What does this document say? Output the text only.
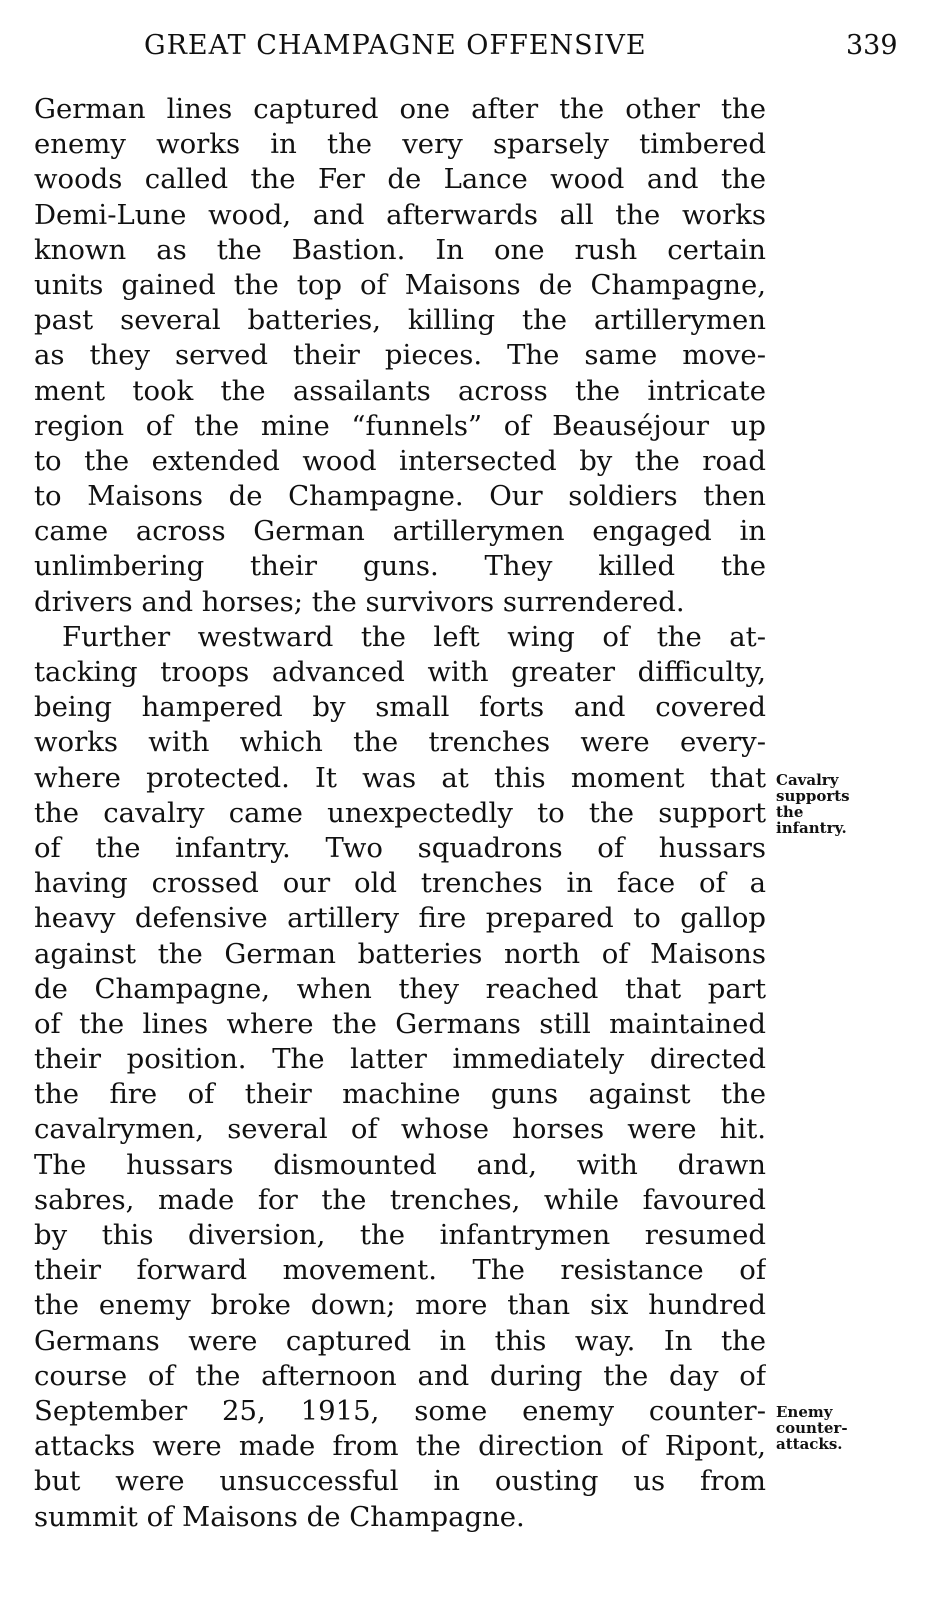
GREAT CHAMPAGNE OFFENSIVE	339
German lines captured one after the other the
enemy works in the very sparsely timbered
woods called the Fer de Lance wood and the
Demi-Lune wood, and afterwards all the works
known as the Bastion. In one rush certain
units gained the top of Maisons de Champagne,
past several batteries, killing the artillerymen
as they served their pieces. The same move-
ment took the assailants across the intricate
region of the mine “funnels” of Beauséjour up
to the extended wood intersected by the road
to Maisons de Champagne. Our soldiers then
came across German artillerymen engaged in
unlimbering their guns. They killed the
drivers and horses; the survivors surrendered.
Further westward the left wing of the at-
tacking troops advanced with greater difficulty,
being hampered by small forts and covered
works with which the trenches were every-
where protected. It was at this moment that
the cavalry came unexpectedly to the support
of the infantry. Two squadrons of hussars
having crossed our old trenches in face of a
heavy defensive artillery fire prepared to gallop
against the German batteries north of Maisons
de Champagne, when they reached that part
of the lines where the Germans still maintained
their position. The latter immediately directed
the fire of their machine guns against the
cavalrymen, several of whose horses were hit.
The hussars dismounted and, with drawn
sabres, made for the trenches, while favoured
by this diversion, the infantrymen resumed
their forward movement. The resistance of
the enemy broke down; more than six hundred
Germans were captured in this way. In the
course of the afternoon and during the day of
September 25, 1915, some enemy counter-
attacks were made from the direction of Ripont,
but were unsuccessful in ousting us from
summit of Maisons de Champagne.
Cavalry
supports
the
infantry.
Enemy
counter-
attacks.
